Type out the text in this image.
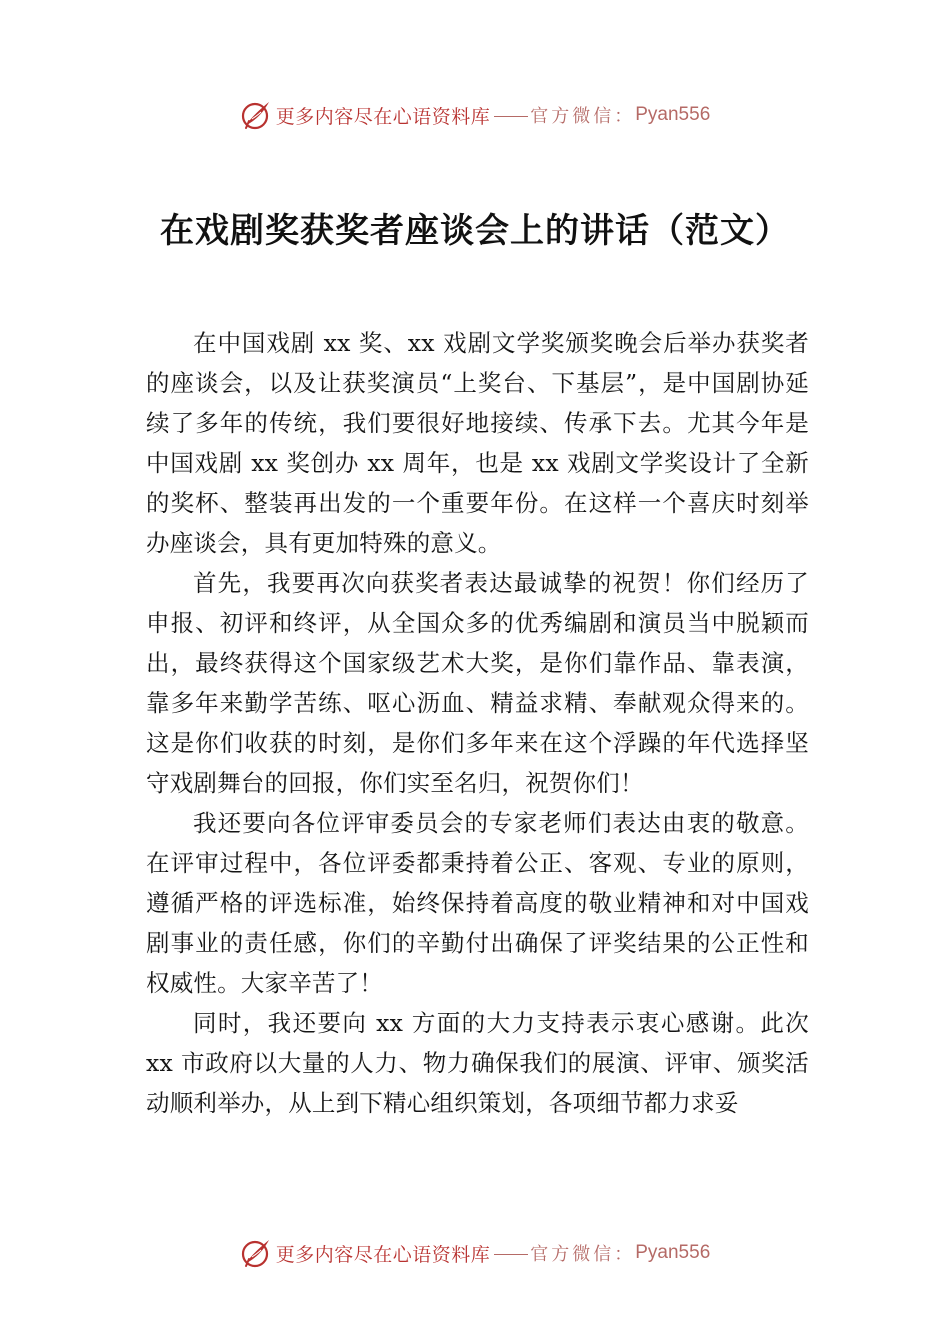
更多内容尽在心语资料库 官方微信： Pyan556
在戏剧奖获奖者座谈会上的讲话（范文）

在中国戏剧 xx 奖、xx 戏剧文学奖颁奖晚会后举办获奖者的座谈会，以及让获奖演员“上奖台、下基层”，是中国剧协延续了多年的传统，我们要很好地接续、传承下去。尤其今年是中国戏剧 xx 奖创办 xx 周年，也是 xx 戏剧文学奖设计了全新的奖杯、整装再出发的一个重要年份。在这样一个喜庆时刻举办座谈会，具有更加特殊的意义。

首先，我要再次向获奖者表达最诚挚的祝贺！你们经历了申报、初评和终评，从全国众多的优秀编剧和演员当中脱颖而出，最终获得这个国家级艺术大奖，是你们靠作品、靠表演，靠多年来勤学苦练、呕心沥血、精益求精、奉献观众得来的。这是你们收获的时刻，是你们多年来在这个浮躁的年代选择坚守戏剧舞台的回报，你们实至名归，祝贺你们！

我还要向各位评审委员会的专家老师们表达由衷的敬意。在评审过程中，各位评委都秉持着公正、客观、专业的原则，遵循严格的评选标准，始终保持着高度的敬业精神和对中国戏剧事业的责任感，你们的辛勤付出确保了评奖结果的公正性和权威性。大家辛苦了！

同时，我还要向 xx 方面的大力支持表示衷心感谢。此次 xx 市政府以大量的人力、物力确保我们的展演、评审、颁奖活动顺利举办，从上到下精心组织策划，各项细节都力求妥

更多内容尽在心语资料库 官方微信： Pyan556
